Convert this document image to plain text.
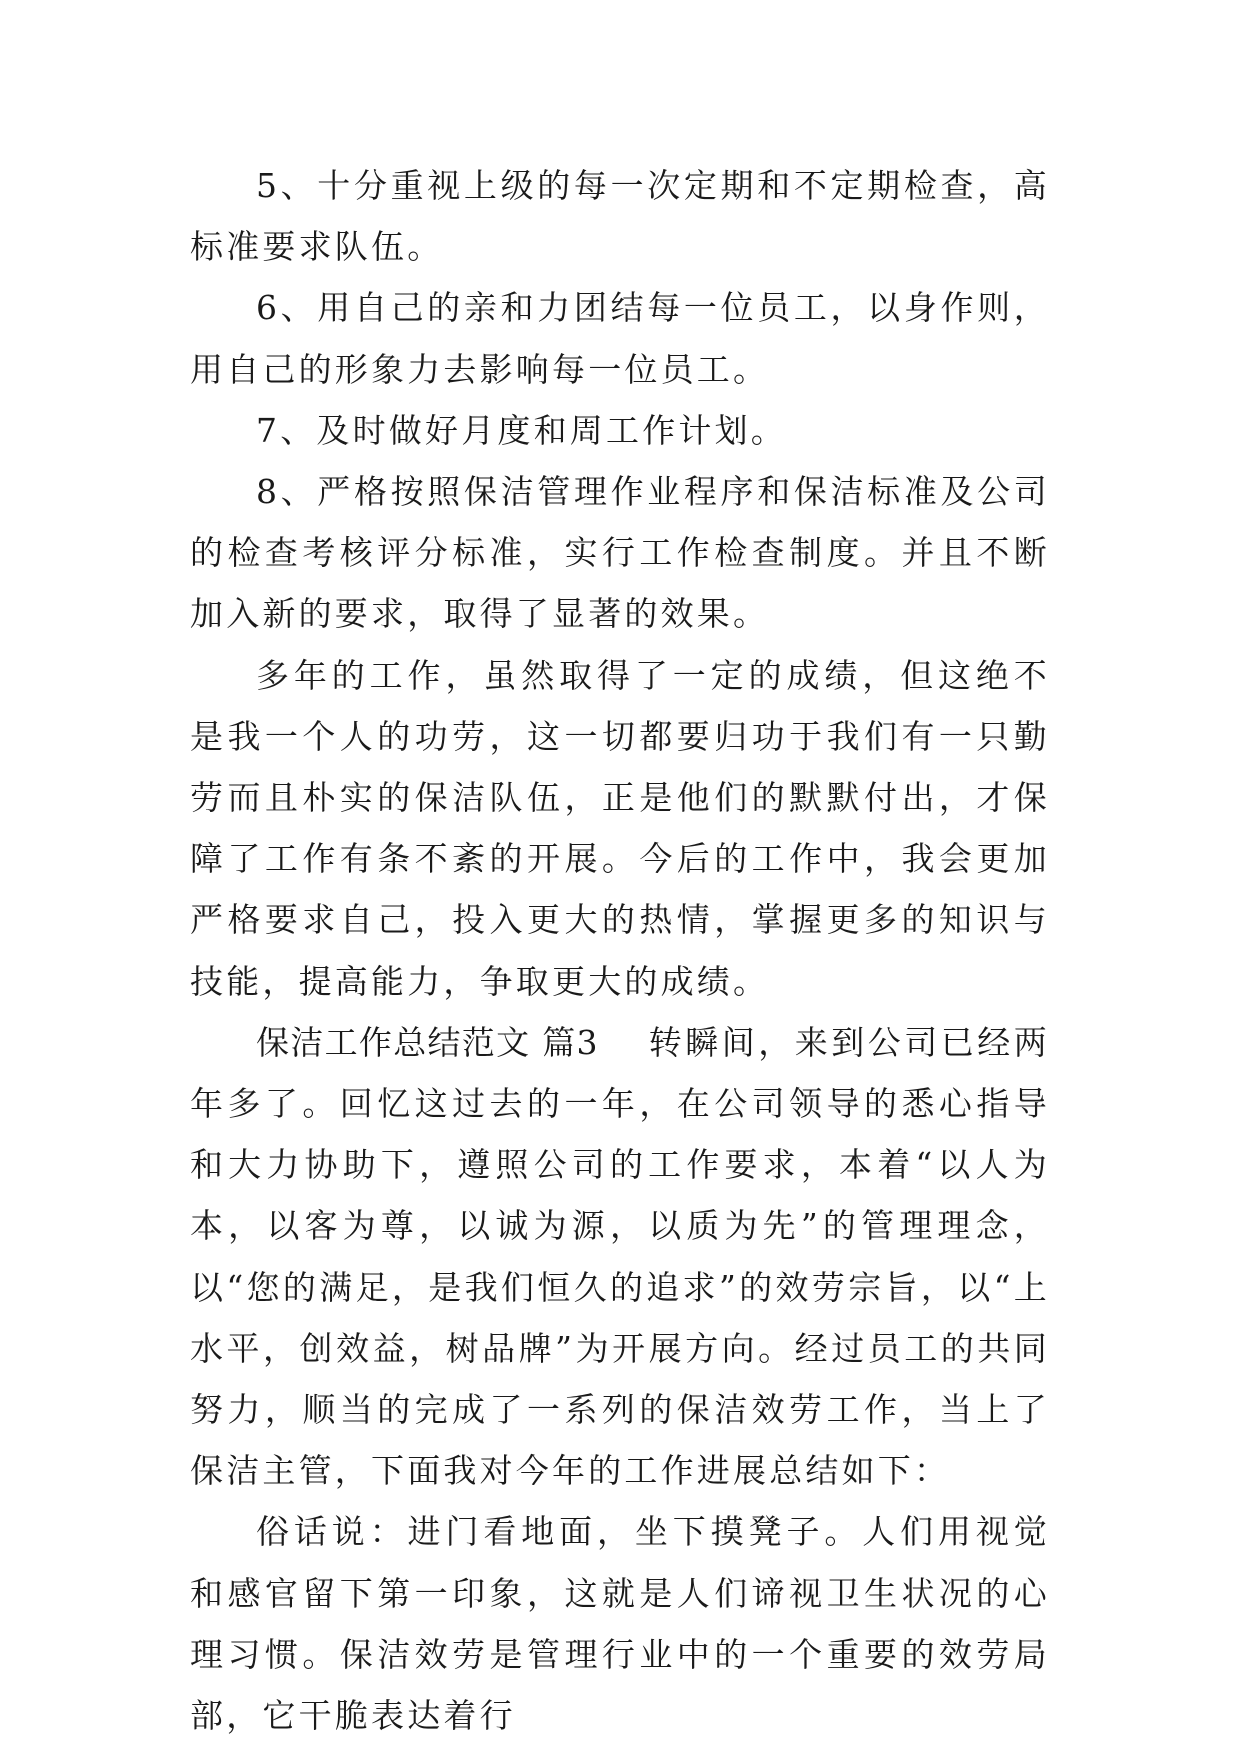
5、十分重视上级的每一次定期和不定期检查，高标准要求队伍。

6、用自己的亲和力团结每一位员工，以身作则，用自己的形象力去影响每一位员工。

7、及时做好月度和周工作计划。

8、严格按照保洁管理作业程序和保洁标准及公司的检查考核评分标准，实行工作检查制度。并且不断加入新的要求，取得了显著的效果。

多年的工作，虽然取得了一定的成绩，但这绝不是我一个人的功劳，这一切都要归功于我们有一只勤劳而且朴实的保洁队伍，正是他们的默默付出，才保障了工作有条不紊的开展。今后的工作中，我会更加严格要求自己，投入更大的热情，掌握更多的知识与技能，提高能力，争取更大的成绩。

保洁工作总结范文 篇3 转瞬间，来到公司已经两年多了。回忆这过去的一年，在公司领导的悉心指导和大力协助下，遵照公司的工作要求，本着“以人为本，以客为尊，以诚为源，以质为先”的管理理念，以“您的满足，是我们恒久的追求”的效劳宗旨，以“上水平，创效益，树品牌”为开展方向。经过员工的共同努力，顺当的完成了一系列的保洁效劳工作，当上了保洁主管，下面我对今年的工作进展总结如下：

俗话说：进门看地面，坐下摸凳子。人们用视觉和感官留下第一印象，这就是人们谛视卫生状况的心理习惯。保洁效劳是管理行业中的一个重要的效劳局部，它干脆表达着行
